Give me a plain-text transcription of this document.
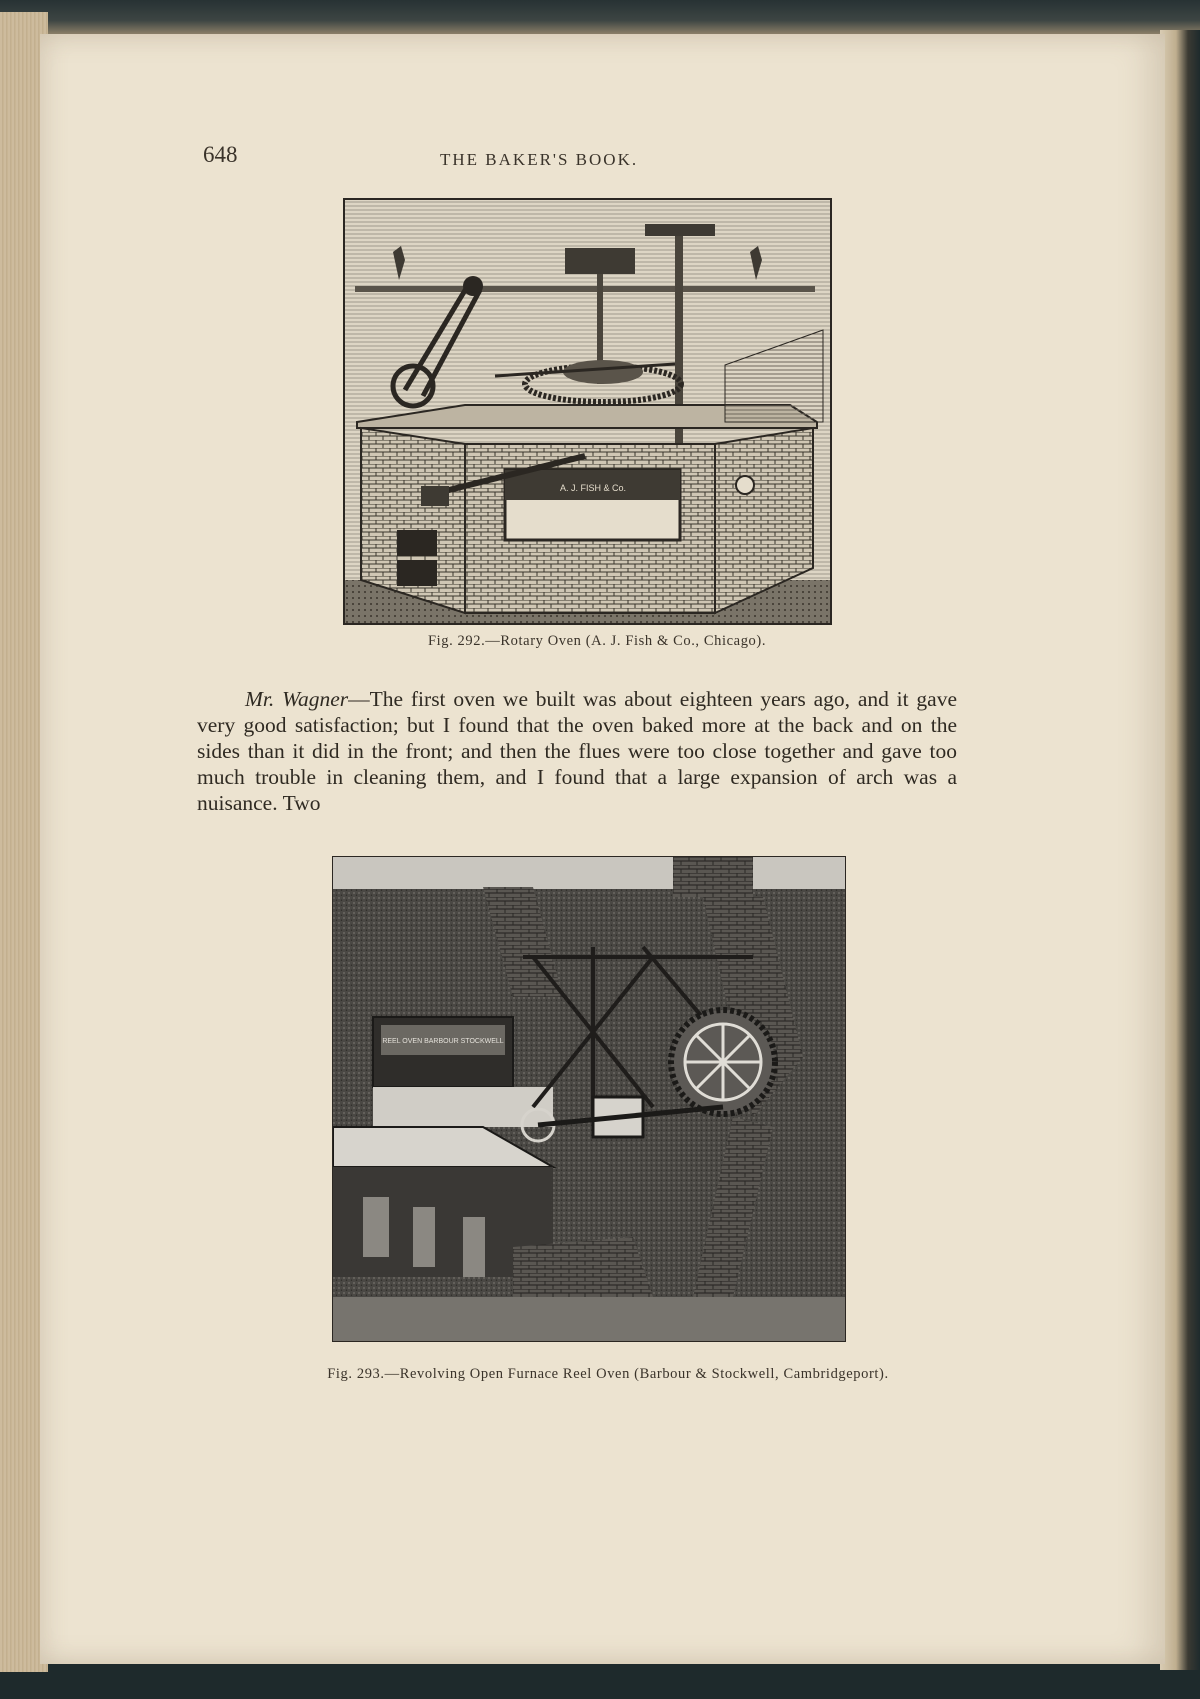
648	THE BAKER'S BOOK.
A. J. FISH & Co.
Fig. 292.—Rotary Oven (A. J. Fish & Co., Chicago).
Mr. Wagner—The first oven we built was about eighteen years ago, and it gave very good satisfaction; but I found that the oven baked more at the back and on the sides than it did in the front; and then the flues were too close together and gave too much trouble in cleaning them, and I found that a large expansion of arch was a nuisance. Two
REEL OVEN BARBOUR STOCKWELL
Fig. 293.—Revolving Open Furnace Reel Oven (Barbour & Stockwell, Cambridgeport).
